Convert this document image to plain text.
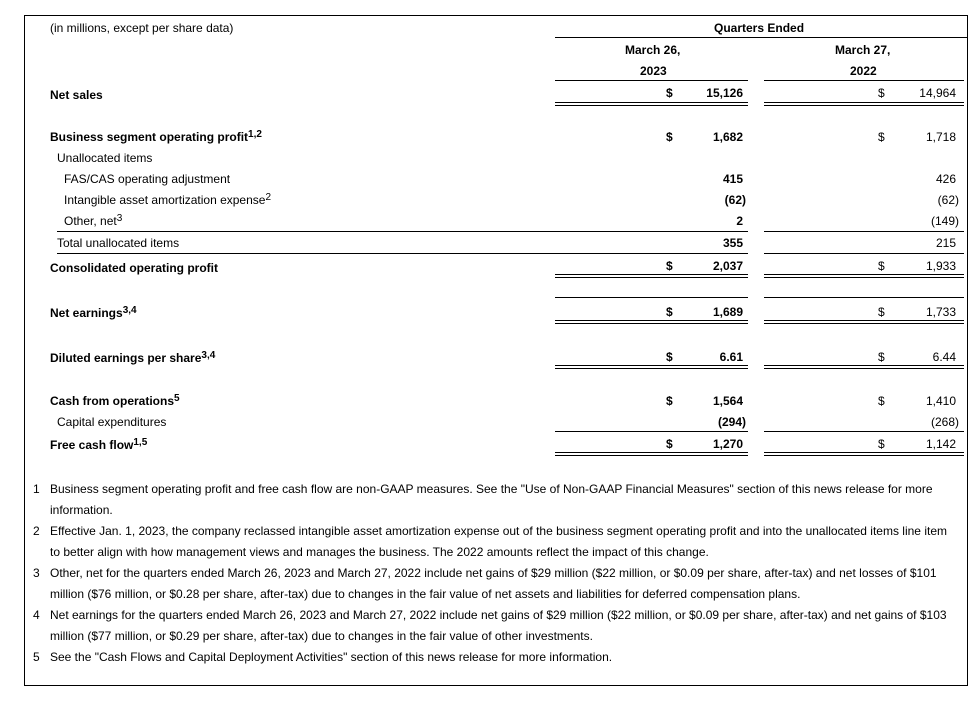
(in millions, except per share data)	Quarters Ended
March 26,
2023
March 27,
2022
Net sales	$	15,126	$	14,964
Business segment operating profit$^{1,2}$	$	1,682	$	1,718
Unallocated items
FAS/CAS operating adjustment	415	426
Intangible asset amortization expense$^2$	(62)	(62)
Other, net$^3$	2	(149)
Total unallocated items	355	215
Consolidated operating profit	$	2,037	$	1,933
Net earnings$^{3,4}$	$	1,689	$	1,733
Diluted earnings per share$^{3,4}$	$	6.61	$	6.44
Cash from operations$^5$	$	1,564	$	1,410
Capital expenditures	(294)	(268)
Free cash flow$^{1,5}$	$	1,270	$	1,142
1 Business segment operating profit and free cash flow are non-GAAP measures. See the "Use of Non-GAAP Financial Measures" section of this news release for more
information.
2 Effective Jan. 1, 2023, the company reclassed intangible asset amortization expense out of the business segment operating profit and into the unallocated items line item
to better align with how management views and manages the business. The 2022 amounts reflect the impact of this change.
3 Other, net for the quarters ended March 26, 2023 and March 27, 2022 include net gains of $29 million ($22 million, or $0.09 per share, after-tax) and net losses of $101
million ($76 million, or $0.28 per share, after-tax) due to changes in the fair value of net assets and liabilities for deferred compensation plans.
4 Net earnings for the quarters ended March 26, 2023 and March 27, 2022 include net gains of $29 million ($22 million, or $0.09 per share, after-tax) and net gains of $103
million ($77 million, or $0.29 per share, after-tax) due to changes in the fair value of other investments.
5 See the "Cash Flows and Capital Deployment Activities" section of this news release for more information.
